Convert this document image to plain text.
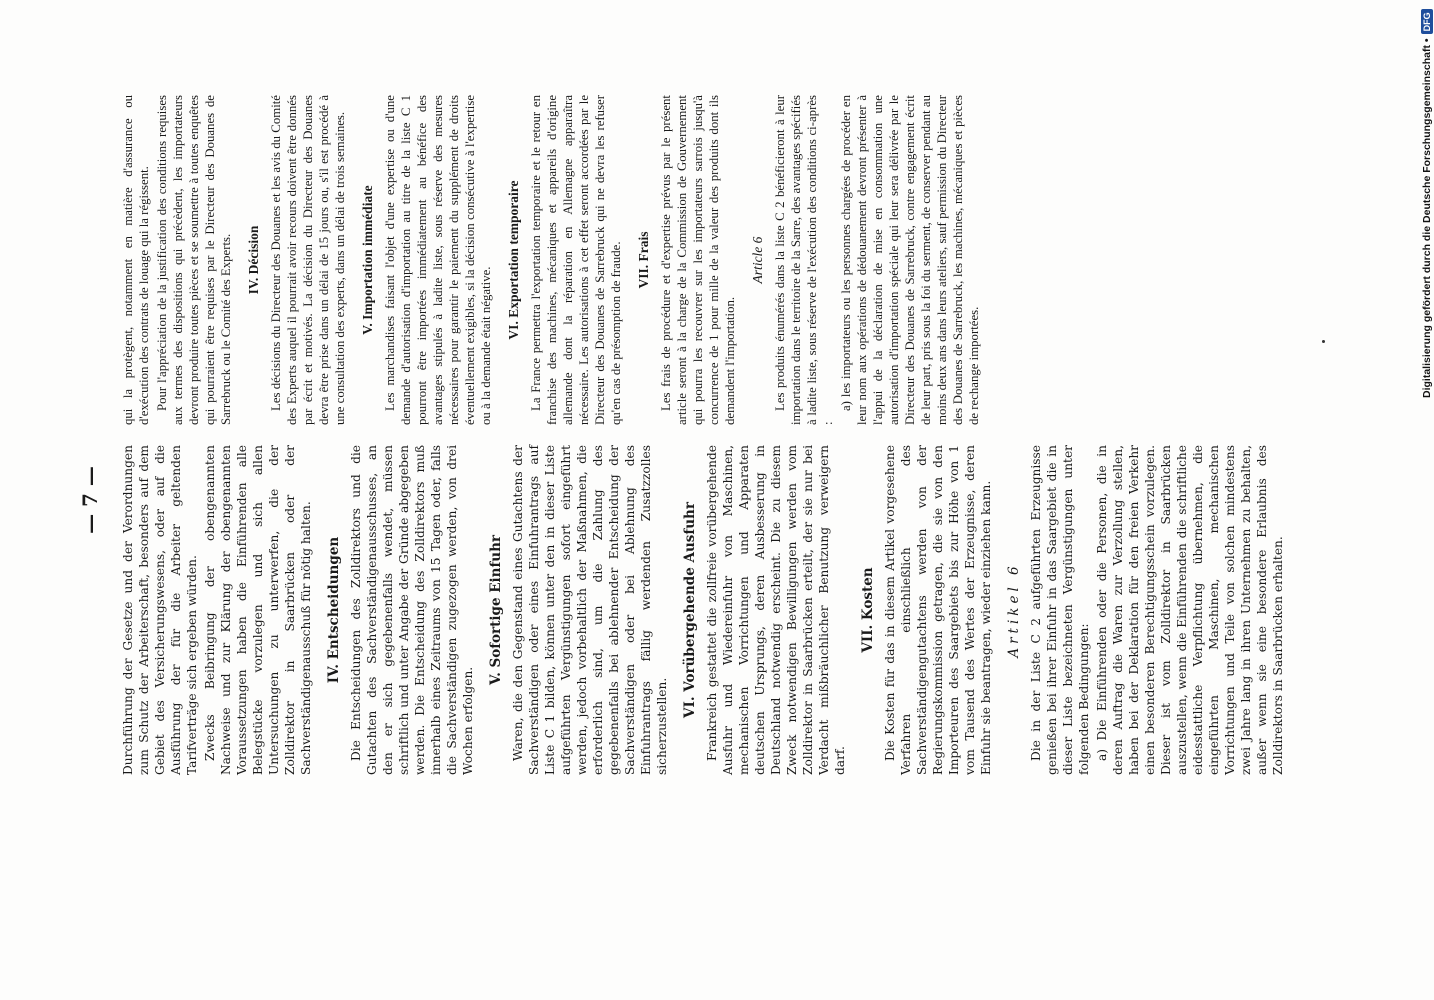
— 7 — Durchführung der Gesetze und der Verordnungen zum Schutz der Arbeiterschaft, besonders auf dem Gebiet des Versicherungswesens, oder auf die Ausführung der für die Arbeiter geltenden Tarifverträge sich ergeben würden. Zwecks Beibringung der obengenannten Nachweise und zur Klärung der obengenannten Voraussetzungen haben die Einführenden alle Belegstücke vorzulegen und sich allen Untersuchungen zu unterwerfen, die der Zolldirektor in Saarbrücken oder der Sachverständigenausschuß für nötig halten. IV. Entscheidungen Die Entscheidungen des Zolldirektors und die Gutachten des Sachverständigenausschusses, an den er sich gegebenenfalls wendet, müssen schriftlich und unter Angabe der Gründe abgegeben werden. Die Entscheidung des Zolldirektors muß innerhalb eines Zeitraums von 15 Tagen oder, falls die Sachverständigen zugezogen werden, von drei Wochen erfolgen.

V. Sofortige Einfuhr Waren, die den Gegenstand eines Gutachtens der Sachverständigen oder eines Einfuhrantrags auf Liste C 1 bilden, können unter den in dieser Liste aufgeführten Vergünstigungen sofort eingeführt werden, jedoch vorbehaltlich der Maßnahmen, die erforderlich sind, um die Zahlung des gegebenenfalls bei ablehnender Entscheidung der Sachverständigen oder bei Ablehnung des Einfuhrantrags fällig werdenden Zusatzzolles sicherzustellen.

VI. Vorübergehende Ausfuhr Frankreich gestattet die zollfreie vorübergehende Ausfuhr und Wiedereinfuhr von Maschinen, mechanischen Vorrichtungen und Apparaten deutschen Ursprungs, deren Ausbesserung in Deutschland notwendig erscheint. Die zu diesem Zweck notwendigen Bewilligungen werden vom Zolldirektor in Saarbrücken erteilt, der sie nur bei Verdacht mißbräuchlicher Benutzung verweigern darf.

VII. Kosten Die Kosten für das in diesem Artikel vorgesehene Verfahren einschließlich des Sachverständigengutachtens werden von der Regierungskommission getragen, die sie von den Importeuren des Saargebiets bis zur Höhe von 1 vom Tausend des Wertes der Erzeugnisse, deren Einfuhr sie beantragen, wieder einziehen kann. Artikel 6 Die in der Liste C 2 aufgeführten Erzeugnisse genießen bei ihrer Einfuhr in das Saargebiet die in dieser Liste bezeichneten Vergünstigungen unter folgenden Bedingungen: a) Die Einführenden oder die Personen, die in deren Auftrag die Waren zur Verzollung stellen, haben bei der Deklaration für den freien Verkehr einen besonderen Berechtigungsschein vorzulegen. Dieser ist vom Zolldirektor in Saarbrücken auszustellen, wenn die Einführenden die schriftliche eidesstattliche Verpflichtung übernehmen, die eingeführten Maschinen, mechanischen Vorrichtungen und Teile von solchen mindestens zwei Jahre lang in ihren Unternehmen zu behalten, außer wenn sie eine besondere Erlaubnis des Zolldirektors in Saarbrücken erhalten.

qui la protègent, notamment en matière d'assurance ou d'exécution des contrats de louage qui la régissent. Pour l'appréciation de la justification des conditions requises aux termes des dispositions qui précèdent, les importateurs devront produire toutes pièces et se soumettre à toutes enquêtes qui pourraient être requises par le Directeur des Douanes de Sarrebruck ou le Comité des Experts. IV. Décision Les décisions du Directeur des Douanes et les avis du Comité des Experts auquel il pourrait avoir recours doivent être donnés par écrit et motivés. La décision du Directeur des Douanes devra être prise dans un délai de 15 jours ou, s'il est procédé à une consultation des experts, dans un délai de trois semaines. V. Importation immédiate Les marchandises faisant l'objet d'une expertise ou d'une demande d'autorisation d'importation au titre de la liste C 1 pourront être importées immédiatement au bénéfice des avantages stipulés à ladite liste, sous réserve des mesures nécessaires pour garantir le paiement du supplément de droits éventuellement exigibles, si la décision consécutive à l'expertise ou à la demande était négative.

VI. Exportation temporaire La France permettra l'exportation temporaire et le retour en franchise des machines, mécaniques et appareils d'origine allemande dont la réparation en Allemagne apparaîtra nécessaire. Les autorisations à cet effet seront accordées par le Directeur des Douanes de Sarrebruck qui ne devra les refuser qu'en cas de présomption de fraude. VII. Frais Les frais de procédure et d'expertise prévus par le présent article seront à la charge de la Commission de Gouvernement qui pourra les recouvrer sur les importateurs sarrois jusqu'à concurrence de 1 pour mille de la valeur des produits dont ils demandent l'importation.

Article 6 Les produits énumérés dans la liste C 2 bénéficieront à leur importation dans le territoire de la Sarre, des avantages spécifiés à ladite liste, sous réserve de l'exécution des conditions ci-après :

a) les importateurs ou les personnes chargées de procéder en leur nom aux opérations de dédouanement devront présenter à l'appui de la déclaration de mise en consommation une autorisation d'importation spéciale qui leur sera délivrée par le Directeur des Douanes de Sarrebruck, contre engagement écrit de leur part, pris sous la foi du serment, de conserver pendant au moins deux ans dans leurs ateliers, sauf permission du Directeur des Douanes de Sarrebruck, les machines, mécaniques et pièces de rechange importées.	Digitalisierung gefördert durch die Deutsche Forschungsgemeinschaft •
DFG
